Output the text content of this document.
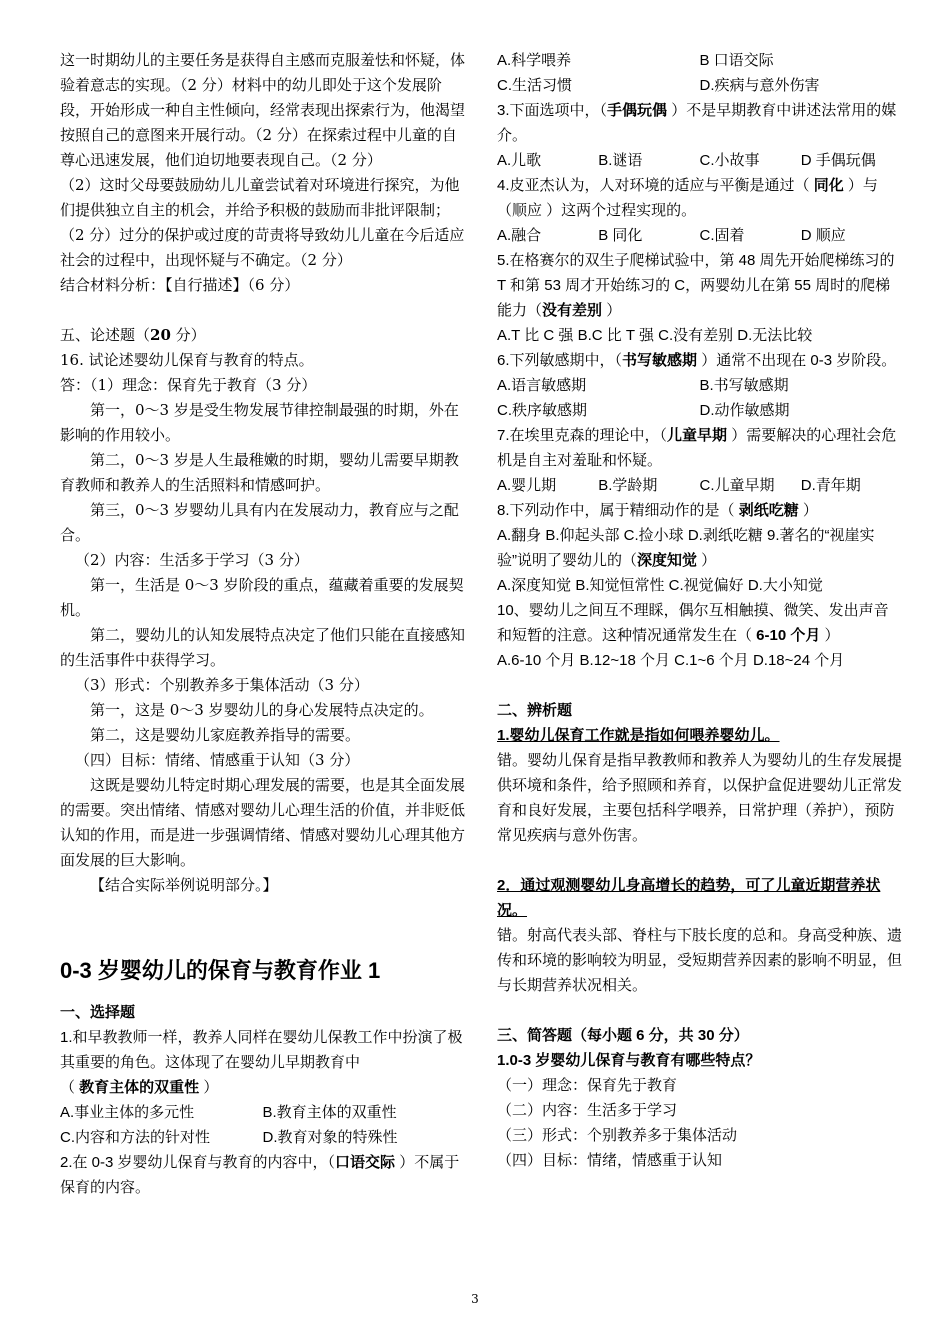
这一时期幼儿的主要任务是获得自主感而克服羞怯和怀疑，体验着意志的实现。（2 分）材料中的幼儿即处于这个发展阶段，开始形成一种自主性倾向，经常表现出探索行为，他渴望按照自己的意图来开展行动。（2 分）在探索过程中儿童的自尊心迅速发展，他们迫切地要表现自己。（2 分）

（2）这时父母要鼓励幼儿儿童尝试着对环境进行探究，为他们提供独立自主的机会，并给予积极的鼓励而非批评限制；（2 分）过分的保护或过度的苛责将导致幼儿儿童在今后适应社会的过程中，出现怀疑与不确定。（2 分）

结合材料分析：【自行描述】（6 分）

五、论述题（20 分）

16. 试论述婴幼儿保育与教育的特点。

答：（1）理念：保育先于教育（3 分）

第一，0～3 岁是受生物发展节律控制最强的时期，外在影响的作用较小。

第二，0～3 岁是人生最稚嫩的时期，婴幼儿需要早期教育教师和教养人的生活照料和情感呵护。

第三，0～3 岁婴幼儿具有内在发展动力，教育应与之配合。

（2）内容：生活多于学习（3 分）

第一，生活是 0～3 岁阶段的重点，蕴藏着重要的发展契机。

第二，婴幼儿的认知发展特点决定了他们只能在直接感知的生活事件中获得学习。

（3）形式：个别教养多于集体活动（3 分）

第一，这是 0～3 岁婴幼儿的身心发展特点决定的。

第二，这是婴幼儿家庭教养指导的需要。

（四）目标：情绪、情感重于认知（3 分）

这既是婴幼儿特定时期心理发展的需要，也是其全面发展的需要。突出情绪、情感对婴幼儿心理生活的价值，并非贬低认知的作用，而是进一步强调情绪、情感对婴幼儿心理其他方面发展的巨大影响。

【结合实际举例说明部分。】

0-3 岁婴幼儿的保育与教育作业 1

一、选择题

1.和早教教师一样，教养人同样在婴幼儿保教工作中扮演了极其重要的角色。这体现了在婴幼儿早期教育中

（ 教育主体的双重性 ）

A.事业主体的多元性	B.教育主体的双重性
C.内容和方法的针对性	D.教育对象的特殊性

2.在 0-3 岁婴幼儿保育与教育的内容中，（口语交际 ）不属于保育的内容。

A.科学喂养	B 口语交际
C.生活习惯	D.疾病与意外伤害

3.下面选项中，（手偶玩偶 ）不是早期教育中讲述法常用的媒介。

A.儿歌	B.谜语	C.小故事	D 手偶玩偶

4.皮亚杰认为，人对环境的适应与平衡是通过（ 同化 ）与（顺应 ）这两个过程实现的。

A.融合	B 同化	C.固着	D 顺应

5.在格赛尔的双生子爬梯试验中，第 48 周先开始爬梯练习的 T 和第 53 周才开始练习的 C，两婴幼儿在第 55 周时的爬梯能力（没有差别 ）

A.T 比 C 强 B.C 比 T 强 C.没有差别 D.无法比较

6.下列敏感期中，（书写敏感期 ）通常不出现在 0-3 岁阶段。

A.语言敏感期	B.书写敏感期
C.秩序敏感期	D.动作敏感期

7.在埃里克森的理论中，（儿童早期 ）需要解决的心理社会危机是自主对羞耻和怀疑。

A.婴儿期	B.学龄期	C.儿童早期	D.青年期

8.下列动作中，属于精细动作的是（ 剥纸吃糖 ）

A.翻身 B.仰起头部 C.捡小球 D.剥纸吃糖 9.著名的“视崖实验”说明了婴幼儿的（深度知觉 ）

A.深度知觉 B.知觉恒常性 C.视觉偏好 D.大小知觉

10、婴幼儿之间互不理睬，偶尔互相触摸、微笑、发出声音和短暂的注意。这种情况通常发生在（ 6-10 个月 ）

A.6-10 个月 B.12~18 个月 C.1~6 个月 D.18~24 个月

二、辨析题

1.婴幼儿保育工作就是指如何喂养婴幼儿。

错。婴幼儿保育是指早教教师和教养人为婴幼儿的生存发展提供环境和条件，给予照顾和养育，以保护盒促进婴幼儿正常发育和良好发展，主要包括科学喂养，日常护理（养护），预防常见疾病与意外伤害。

2．通过观测婴幼儿身高增长的趋势，可了儿童近期营养状况。

错。射高代表头部、脊柱与下肢长度的总和。身高受种族、遗传和环境的影响较为明显，受短期营养因素的影响不明显，但与长期营养状况相关。

三、简答题（每小题 6 分，共 30 分）

1.0-3 岁婴幼儿保育与教育有哪些特点？

（一）理念：保育先于教育

（二）内容：生活多于学习

（三）形式：个别教养多于集体活动

（四）目标：情绪，情感重于认知

3
